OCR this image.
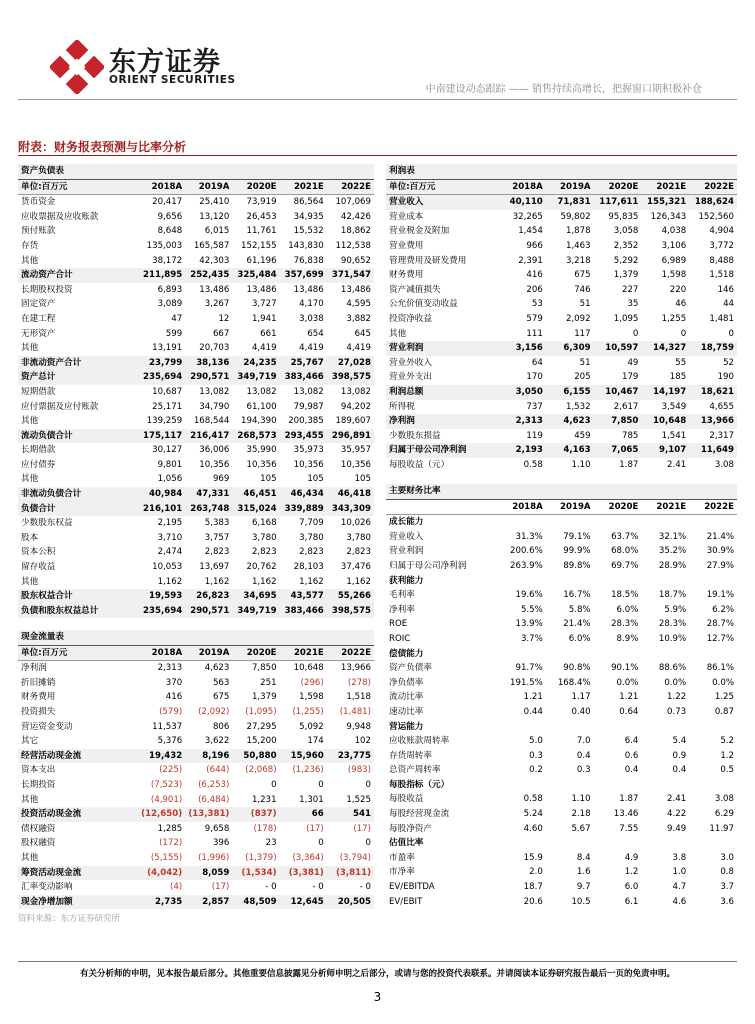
东方证券
ORIENT SECURITIES
中南建设动态跟踪 —— 销售持续高增长，把握窗口期积极补仓
附表：财务报表预测与比率分析
资产负债表					
单位:百万元	2018A	2019A	2020E	2021E	2022E
货币资金	20,417	25,410	73,919	86,564	107,069
应收票据及应收账款	9,656	13,120	26,453	34,935	42,426
预付账款	8,648	6,015	11,761	15,532	18,862
存货	135,003	165,587	152,155	143,830	112,538
其他	38,172	42,303	61,196	76,838	90,652
流动资产合计	211,895	252,435	325,484	357,699	371,547
长期股权投资	6,893	13,486	13,486	13,486	13,486
固定资产	3,089	3,267	3,727	4,170	4,595
在建工程	47	12	1,941	3,038	3,882
无形资产	599	667	661	654	645
其他	13,191	20,703	4,419	4,419	4,419
非流动资产合计	23,799	38,136	24,235	25,767	27,028
资产总计	235,694	290,571	349,719	383,466	398,575
短期借款	10,687	13,082	13,082	13,082	13,082
应付票据及应付账款	25,171	34,790	61,100	79,987	94,202
其他	139,259	168,544	194,390	200,385	189,607
流动负债合计	175,117	216,417	268,573	293,455	296,891
长期借款	30,127	36,006	35,990	35,973	35,957
应付债券	9,801	10,356	10,356	10,356	10,356
其他	1,056	969	105	105	105
非流动负债合计	40,984	47,331	46,451	46,434	46,418
负债合计	216,101	263,748	315,024	339,889	343,309
少数股东权益	2,195	5,383	6,168	7,709	10,026
股本	3,710	3,757	3,780	3,780	3,780
资本公积	2,474	2,823	2,823	2,823	2,823
留存收益	10,053	13,697	20,762	28,103	37,476
其他	1,162	1,162	1,162	1,162	1,162
股东权益合计	19,593	26,823	34,695	43,577	55,266
负债和股东权益总计	235,694	290,571	349,719	383,466	398,575
现金流量表					
单位:百万元	2018A	2019A	2020E	2021E	2022E
净利润	2,313	4,623	7,850	10,648	13,966
折旧摊销	370	563	251	(296)	(278)
财务费用	416	675	1,379	1,598	1,518
投资损失	(579)	(2,092)	(1,095)	(1,255)	(1,481)
营运资金变动	11,537	806	27,295	5,092	9,948
其它	5,376	3,622	15,200	174	102
经营活动现金流	19,432	8,196	50,880	15,960	23,775
资本支出	(225)	(644)	(2,068)	(1,236)	(983)
长期投资	(7,523)	(6,253)	0	0	0
其他	(4,901)	(6,484)	1,231	1,301	1,525
投资活动现金流	(12,650)	(13,381)	(837)	66	541
债权融资	1,285	9,658	(178)	(17)	(17)
股权融资	(172)	396	23	0	0
其他	(5,155)	(1,996)	(1,379)	(3,364)	(3,794)
筹资活动现金流	(4,042)	8,059	(1,534)	(3,381)	(3,811)
汇率变动影响	(4)	(17)	- 0	- 0	- 0
现金净增加额	2,735	2,857	48,509	12,645	20,505
利润表					
单位:百万元	2018A	2019A	2020E	2021E	2022E
营业收入	40,110	71,831	117,611	155,321	188,624
营业成本	32,265	59,802	95,835	126,343	152,560
营业税金及附加	1,454	1,878	3,058	4,038	4,904
营业费用	966	1,463	2,352	3,106	3,772
管理费用及研发费用	2,391	3,218	5,292	6,989	8,488
财务费用	416	675	1,379	1,598	1,518
资产减值损失	206	746	227	220	146
公允价值变动收益	53	51	35	46	44
投资净收益	579	2,092	1,095	1,255	1,481
其他	111	117	0	0	0
营业利润	3,156	6,309	10,597	14,327	18,759
营业外收入	64	51	49	55	52
营业外支出	170	205	179	185	190
利润总额	3,050	6,155	10,467	14,197	18,621
所得税	737	1,532	2,617	3,549	4,655
净利润	2,313	4,623	7,850	10,648	13,966
少数股东损益	119	459	785	1,541	2,317
归属于母公司净利润	2,193	4,163	7,065	9,107	11,649
每股收益（元）	0.58	1.10	1.87	2.41	3.08
主要财务比率					
	2018A	2019A	2020E	2021E	2022E
成长能力					
营业收入	31.3%	79.1%	63.7%	32.1%	21.4%
营业利润	200.6%	99.9%	68.0%	35.2%	30.9%
归属于母公司净利润	263.9%	89.8%	69.7%	28.9%	27.9%
获利能力					
毛利率	19.6%	16.7%	18.5%	18.7%	19.1%
净利率	5.5%	5.8%	6.0%	5.9%	6.2%
ROE	13.9%	21.4%	28.3%	28.3%	28.7%
ROIC	3.7%	6.0%	8.9%	10.9%	12.7%
偿债能力					
资产负债率	91.7%	90.8%	90.1%	88.6%	86.1%
净负债率	191.5%	168.4%	0.0%	0.0%	0.0%
流动比率	1.21	1.17	1.21	1.22	1.25
速动比率	0.44	0.40	0.64	0.73	0.87
营运能力					
应收账款周转率	5.0	7.0	6.4	5.4	5.2
存货周转率	0.3	0.4	0.6	0.9	1.2
总资产周转率	0.2	0.3	0.4	0.4	0.5
每股指标（元）					
每股收益	0.58	1.10	1.87	2.41	3.08
每股经营现金流	5.24	2.18	13.46	4.22	6.29
每股净资产	4.60	5.67	7.55	9.49	11.97
估值比率					
市盈率	15.9	8.4	4.9	3.8	3.0
市净率	2.0	1.6	1.2	1.0	0.8
EV/EBITDA	18.7	9.7	6.0	4.7	3.7
EV/EBIT	20.6	10.5	6.1	4.6	3.6
资料来源：东方证券研究所
有关分析师的申明，见本报告最后部分。其他重要信息披露见分析师申明之后部分，或请与您的投资代表联系。并请阅读本证券研究报告最后一页的免责申明。
3
